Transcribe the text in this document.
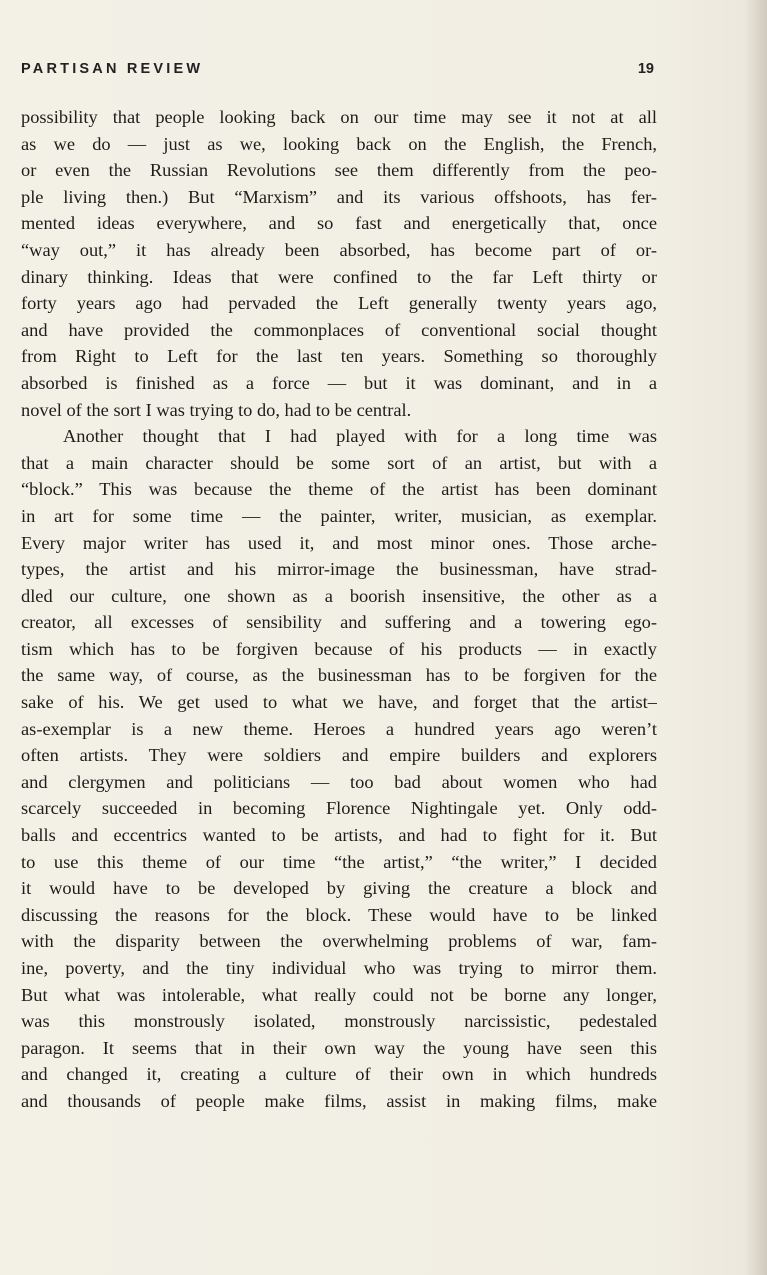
PARTISAN REVIEW	19
possibility that people looking back on our time may see it not at all
as we do — just as we, looking back on the English, the French,
or even the Russian Revolutions see them differently from the peo-
ple living then.) But “Marxism” and its various offshoots, has fer-
mented ideas everywhere, and so fast and energetically that, once
“way out,” it has already been absorbed, has become part of or-
dinary thinking. Ideas that were confined to the far Left thirty or
forty years ago had pervaded the Left generally twenty years ago,
and have provided the commonplaces of conventional social thought
from Right to Left for the last ten years. Something so thoroughly
absorbed is finished as a force — but it was dominant, and in a
novel of the sort I was trying to do, had to be central.
Another thought that I had played with for a long time was
that a main character should be some sort of an artist, but with a
“block.” This was because the theme of the artist has been dominant
in art for some time — the painter, writer, musician, as exemplar.
Every major writer has used it, and most minor ones. Those arche-
types, the artist and his mirror-image the businessman, have strad-
dled our culture, one shown as a boorish insensitive, the other as a
creator, all excesses of sensibility and suffering and a towering ego-
tism which has to be forgiven because of his products — in exactly
the same way, of course, as the businessman has to be forgiven for the
sake of his. We get used to what we have, and forget that the artist–
as-exemplar is a new theme. Heroes a hundred years ago weren’t
often artists. They were soldiers and empire builders and explorers
and clergymen and politicians — too bad about women who had
scarcely succeeded in becoming Florence Nightingale yet. Only odd-
balls and eccentrics wanted to be artists, and had to fight for it. But
to use this theme of our time “the artist,” “the writer,” I decided
it would have to be developed by giving the creature a block and
discussing the reasons for the block. These would have to be linked
with the disparity between the overwhelming problems of war, fam-
ine, poverty, and the tiny individual who was trying to mirror them.
But what was intolerable, what really could not be borne any longer,
was this monstrously isolated, monstrously narcissistic, pedestaled
paragon. It seems that in their own way the young have seen this
and changed it, creating a culture of their own in which hundreds
and thousands of people make films, assist in making films, make
